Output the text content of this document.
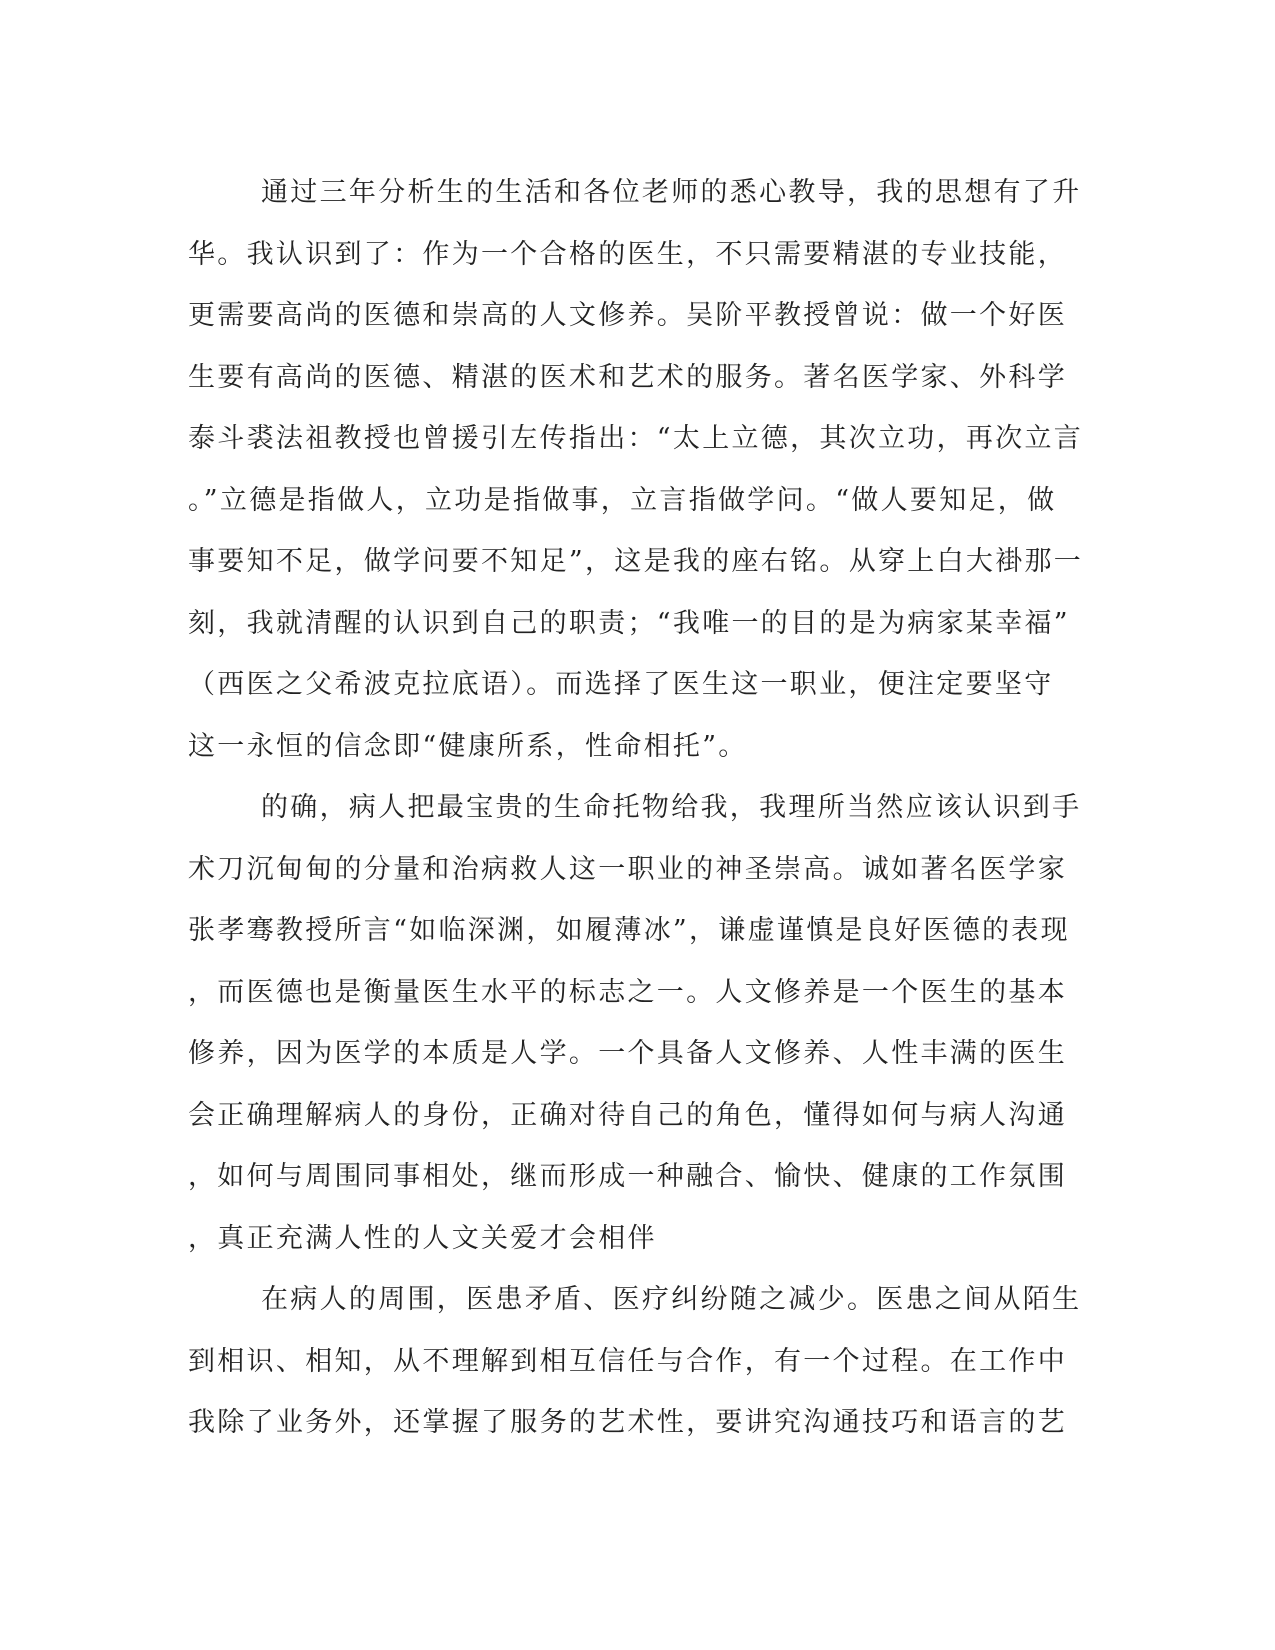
通过三年分析生的生活和各位老师的悉心教导，我的思想有了升
华。我认识到了：作为一个合格的医生，不只需要精湛的专业技能，
更需要高尚的医德和崇高的人文修养。吴阶平教授曾说：做一个好医
生要有高尚的医德、精湛的医术和艺术的服务。著名医学家、外科学
泰斗裘法祖教授也曾援引左传指出：“太上立德，其次立功，再次立言
。”立德是指做人，立功是指做事，立言指做学问。“做人要知足，做
事要知不足，做学问要不知足”，这是我的座右铭。从穿上白大褂那一
刻，我就清醒的认识到自己的职责；“我唯一的目的是为病家某幸福”
（西医之父希波克拉底语）。而选择了医生这一职业，便注定要坚守
这一永恒的信念即“健康所系，性命相托”。
的确，病人把最宝贵的生命托物给我，我理所当然应该认识到手
术刀沉甸甸的分量和治病救人这一职业的神圣崇高。诚如著名医学家
张孝骞教授所言“如临深渊，如履薄冰”，谦虚谨慎是良好医德的表现
，而医德也是衡量医生水平的标志之一。人文修养是一个医生的基本
修养，因为医学的本质是人学。一个具备人文修养、人性丰满的医生
会正确理解病人的身份，正确对待自己的角色，懂得如何与病人沟通
，如何与周围同事相处，继而形成一种融合、愉快、健康的工作氛围
，真正充满人性的人文关爱才会相伴
在病人的周围，医患矛盾、医疗纠纷随之减少。医患之间从陌生
到相识、相知，从不理解到相互信任与合作，有一个过程。在工作中
我除了业务外，还掌握了服务的艺术性，要讲究沟通技巧和语言的艺
